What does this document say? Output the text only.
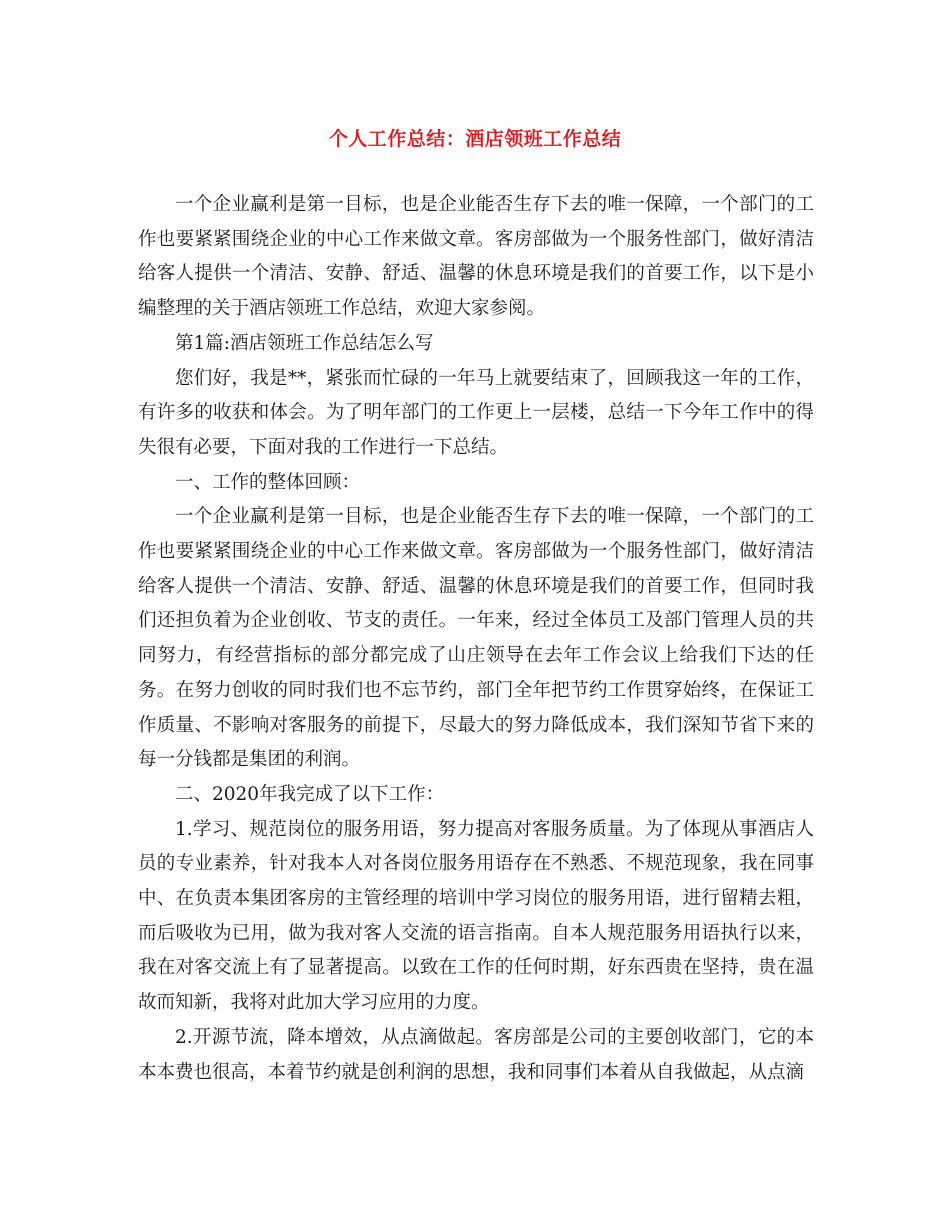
个人工作总结：酒店领班工作总结

一个企业赢利是第一目标，也是企业能否生存下去的唯一保障，一个部门的工作也要紧紧围绕企业的中心工作来做文章。客房部做为一个服务性部门，做好清洁给客人提供一个清洁、安静、舒适、温馨的休息环境是我们的首要工作，以下是小编整理的关于酒店领班工作总结，欢迎大家参阅。

第1篇:酒店领班工作总结怎么写

您们好，我是**，紧张而忙碌的一年马上就要结束了，回顾我这一年的工作，有许多的收获和体会。为了明年部门的工作更上一层楼，总结一下今年工作中的得失很有必要，下面对我的工作进行一下总结。

一、工作的整体回顾：

一个企业赢利是第一目标，也是企业能否生存下去的唯一保障，一个部门的工作也要紧紧围绕企业的中心工作来做文章。客房部做为一个服务性部门，做好清洁给客人提供一个清洁、安静、舒适、温馨的休息环境是我们的首要工作，但同时我们还担负着为企业创收、节支的责任。一年来，经过全体员工及部门管理人员的共同努力，有经营指标的部分都完成了山庄领导在去年工作会议上给我们下达的任务。在努力创收的同时我们也不忘节约，部门全年把节约工作贯穿始终，在保证工作质量、不影响对客服务的前提下，尽最大的努力降低成本，我们深知节省下来的每一分钱都是集团的利润。

二、2020年我完成了以下工作：

1.学习、规范岗位的服务用语，努力提高对客服务质量。为了体现从事酒店人员的专业素养，针对我本人对各岗位服务用语存在不熟悉、不规范现象，我在同事中、在负责本集团客房的主管经理的培训中学习岗位的服务用语，进行留精去粗，而后吸收为已用，做为我对客人交流的语言指南。自本人规范服务用语执行以来，我在对客交流上有了显著提高。以致在工作的任何时期，好东西贵在坚持，贵在温故而知新，我将对此加大学习应用的力度。

2.开源节流，降本增效，从点滴做起。客房部是公司的主要创收部门，它的本本本费也很高，本着节约就是创利润的思想，我和同事们本着从自我做起，从点滴
